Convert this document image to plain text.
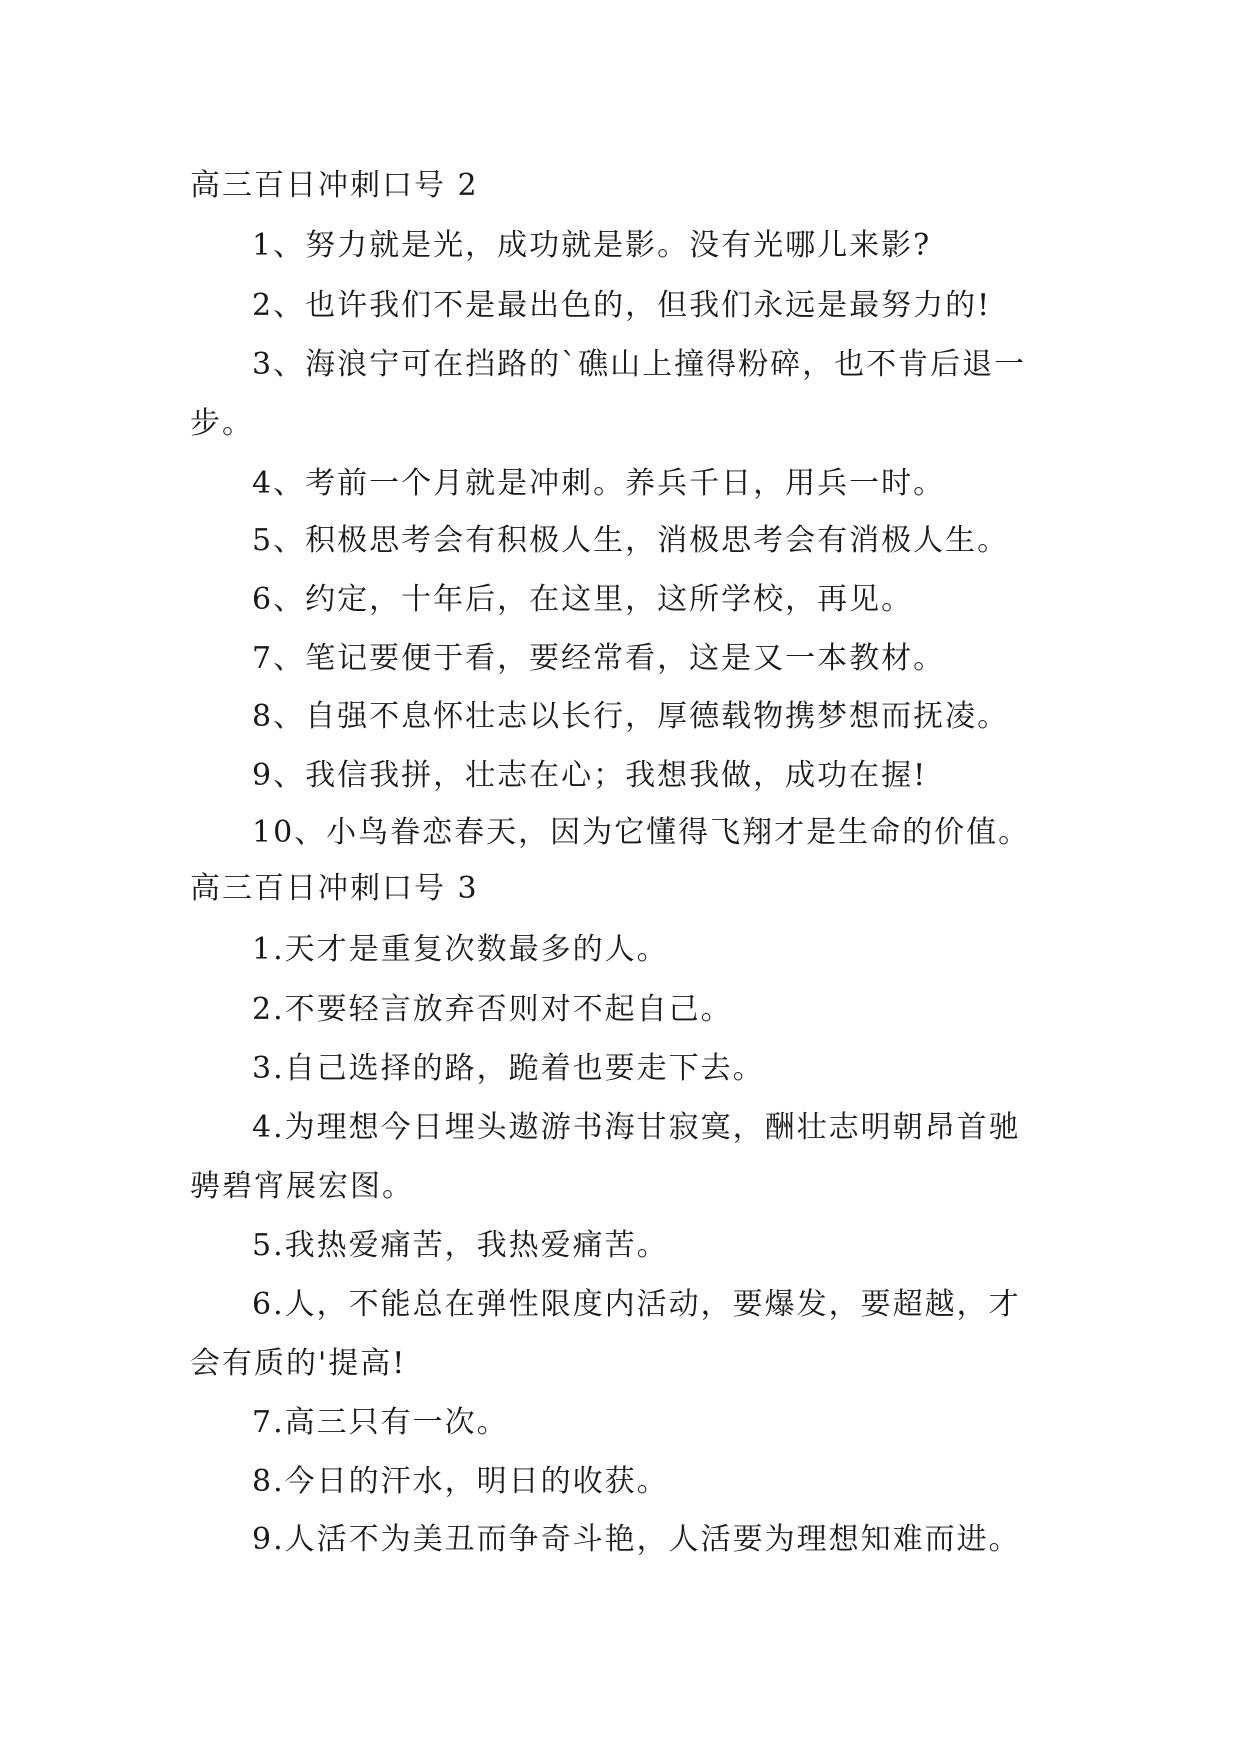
高三百日冲刺口号 2
1、努力就是光，成功就是影。没有光哪儿来影?
2、也许我们不是最出色的，但我们永远是最努力的!
3、海浪宁可在挡路的`礁山上撞得粉碎，也不肯后退一
步。
4、考前一个月就是冲刺。养兵千日，用兵一时。
5、积极思考会有积极人生，消极思考会有消极人生。
6、约定，十年后，在这里，这所学校，再见。
7、笔记要便于看，要经常看，这是又一本教材。
8、自强不息怀壮志以长行，厚德载物携梦想而抚凌。
9、我信我拼，壮志在心；我想我做，成功在握!
10、小鸟眷恋春天，因为它懂得飞翔才是生命的价值。
高三百日冲刺口号 3
1.天才是重复次数最多的人。
2.不要轻言放弃否则对不起自己。
3.自己选择的路，跪着也要走下去。
4.为理想今日埋头遨游书海甘寂寞，酬壮志明朝昂首驰
骋碧宵展宏图。
5.我热爱痛苦，我热爱痛苦。
6.人，不能总在弹性限度内活动，要爆发，要超越，才
会有质的'提高!
7.高三只有一次。
8.今日的汗水，明日的收获。
9.人活不为美丑而争奇斗艳，人活要为理想知难而进。
